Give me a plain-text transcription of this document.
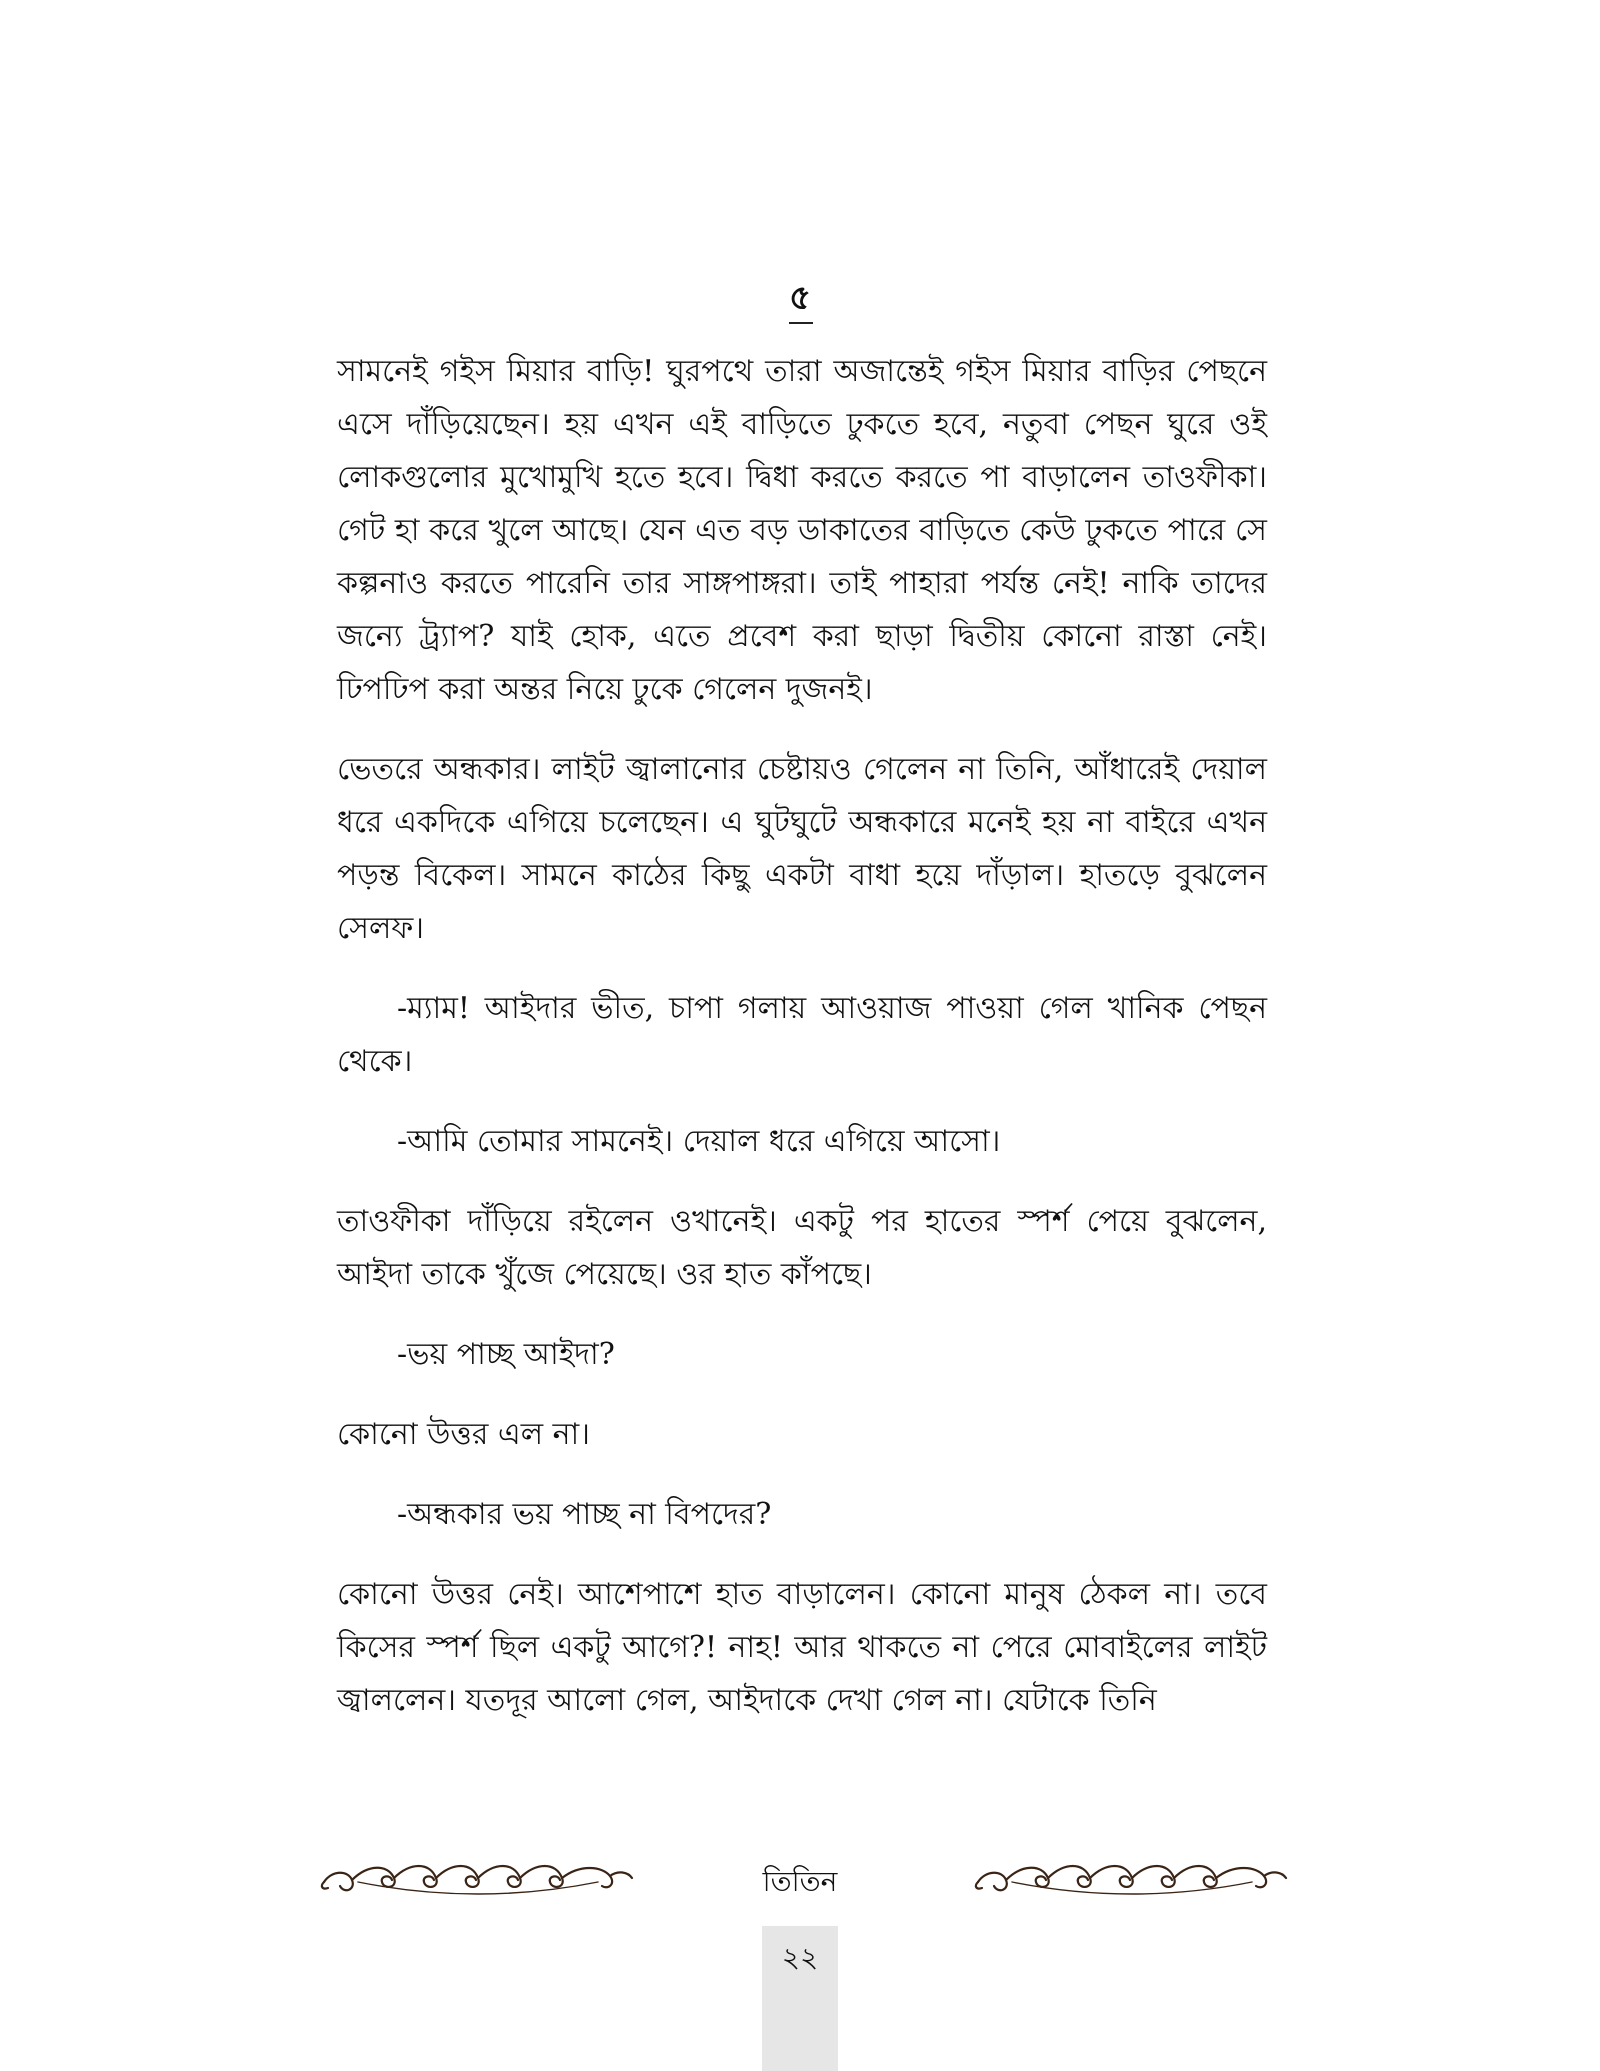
৫

সামনেই গইস মিয়ার বাড়ি! ঘুরপথে তারা অজান্তেই গইস মিয়ার বাড়ির পেছনে এসে দাঁড়িয়েছেন। হয় এখন এই বাড়িতে ঢুকতে হবে, নতুবা পেছন ঘুরে ওই লোকগুলোর মুখোমুখি হতে হবে। দ্বিধা করতে করতে পা বাড়ালেন তাওফীকা। গেট হা করে খুলে আছে। যেন এত বড় ডাকাতের বাড়িতে কেউ ঢুকতে পারে সে কল্পনাও করতে পারেনি তার সাঙ্গপাঙ্গরা। তাই পাহারা পর্যন্ত নেই! নাকি তাদের জন্যে ট্র্যাপ? যাই হোক, এতে প্রবেশ করা ছাড়া দ্বিতীয় কোনো রাস্তা নেই। ঢিপঢিপ করা অন্তর নিয়ে ঢুকে গেলেন দুজনই।

ভেতরে অন্ধকার। লাইট জ্বালানোর চেষ্টায়ও গেলেন না তিনি, আঁধারেই দেয়াল ধরে একদিকে এগিয়ে চলেছেন। এ ঘুটঘুটে অন্ধকারে মনেই হয় না বাইরে এখন পড়ন্ত বিকেল। সামনে কাঠের কিছু একটা বাধা হয়ে দাঁড়াল। হাতড়ে বুঝলেন সেলফ।

-ম্যাম! আইদার ভীত, চাপা গলায় আওয়াজ পাওয়া গেল খানিক পেছন থেকে।

-আমি তোমার সামনেই। দেয়াল ধরে এগিয়ে আসো।

তাওফীকা দাঁড়িয়ে রইলেন ওখানেই। একটু পর হাতের স্পর্শ পেয়ে বুঝলেন, আইদা তাকে খুঁজে পেয়েছে। ওর হাত কাঁপছে।

-ভয় পাচ্ছ আইদা?

কোনো উত্তর এল না।

-অন্ধকার ভয় পাচ্ছ না বিপদের?

কোনো উত্তর নেই। আশেপাশে হাত বাড়ালেন। কোনো মানুষ ঠেকল না। তবে কিসের স্পর্শ ছিল একটু আগে?! নাহ! আর থাকতে না পেরে মোবাইলের লাইট জ্বাললেন। যতদূর আলো গেল, আইদাকে দেখা গেল না। যেটাকে তিনি

তিতিন
২২
